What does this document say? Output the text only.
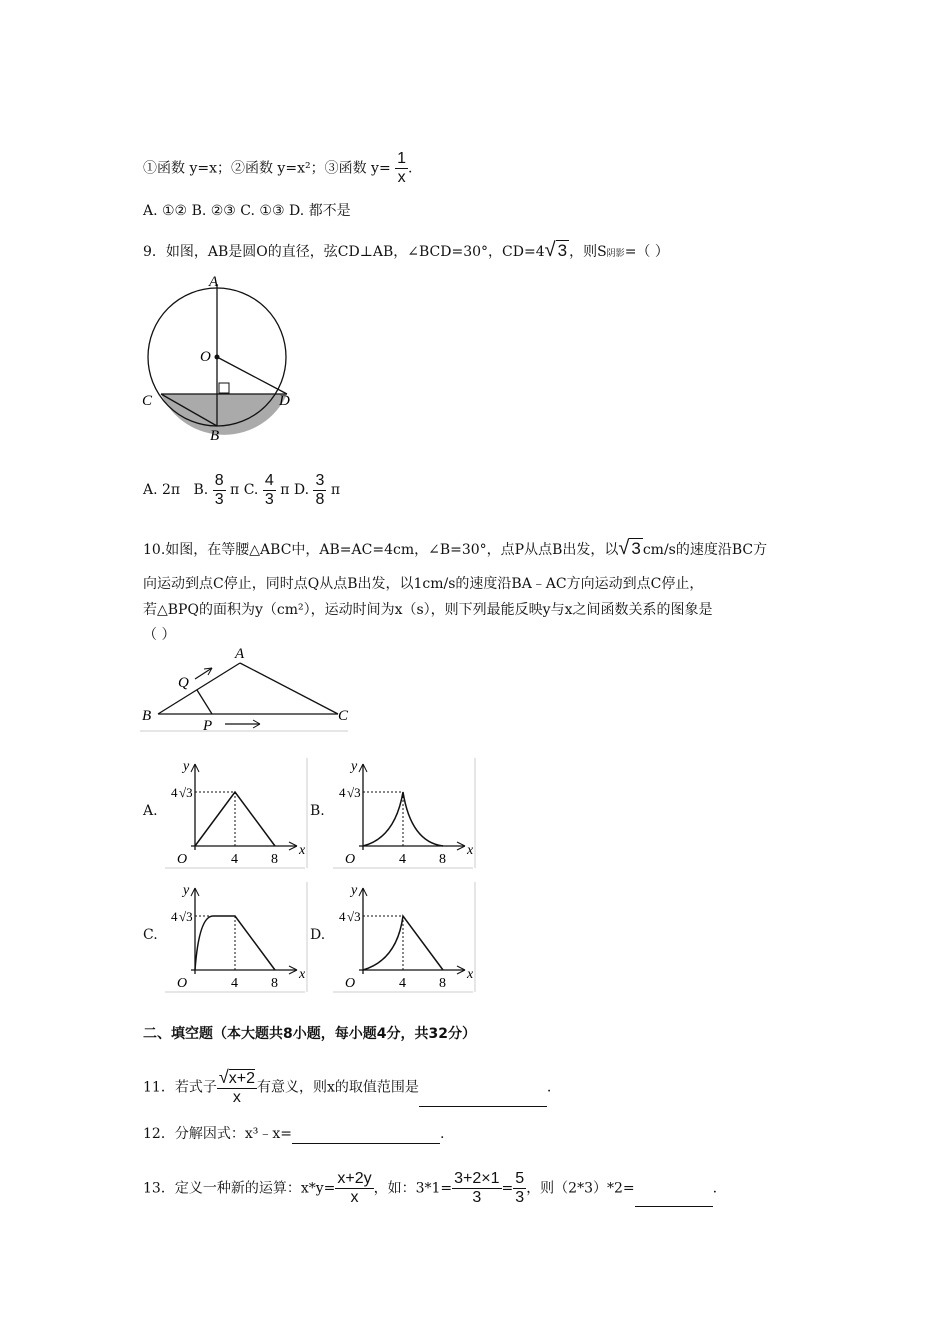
①函数 y=x；②函数 y=x²；③函数 $y= \frac{1}{x}$ .
A. ①② B. ②③ C. ①③ D. 都不是
9．如图，AB是圆O的直径，弦CD⊥AB，∠BCD=30°，CD=4√ 3 ，则S阴影=（ ）
A
O
C	D
B
A. 2π B. $\frac{8}{3}$ π C. $\frac{4}{3}$ π D. $\frac{3}{8}$ π
10.如图，在等腰△ABC中，AB=AC=4cm，∠B=30°，点P从点B出发，以√ 3 cm/s的速度沿BC方
向运动到点C停止，同时点Q从点B出发，以1cm/s的速度沿BA﹣AC方向运动到点C停止，
若△BPQ的面积为y（cm²），运动时间为x（s），则下列最能反映y与x之间函数关系的图象是
（ ）
A
B	C
P
Q
A.	B.
C.	D.
y
x
O	4 8
4 √3
y
x
O	4 8
4 √3
y
x
O	4 8
4 √3
y
x
O	4 8
4 √3
二、填空题（本大题共8小题，每小题4分，共32分）
11．若式子 $\frac{√x+2}{x}$ 有意义，则x的取值范围是	.
12．分解因式：x³﹣x=	.
13．定义一种新的运算：$x*y= \frac{x+2y}{x}$ ，如：$3*1= \frac{3+2\times 1}{3} = \frac{5}{3}$ ，则（2*3）*2=	.
